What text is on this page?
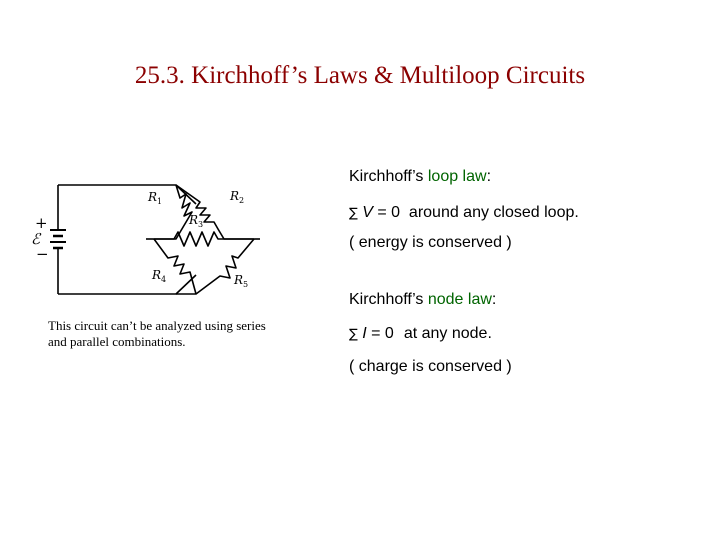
25.3. Kirchhoff’s Laws & Multiloop Circuits
+
ℰ
−
$R_1$	$R_2$
$R_3$
$R_4$	$R_5$
This circuit can’t be analyzed using series and parallel combinations.
Kirchhoff’s loop law:
∑ V = 0  around any closed loop.
( energy is conserved )
Kirchhoff’s node law:
∑ I = 0 at any node.
( charge is conserved )
